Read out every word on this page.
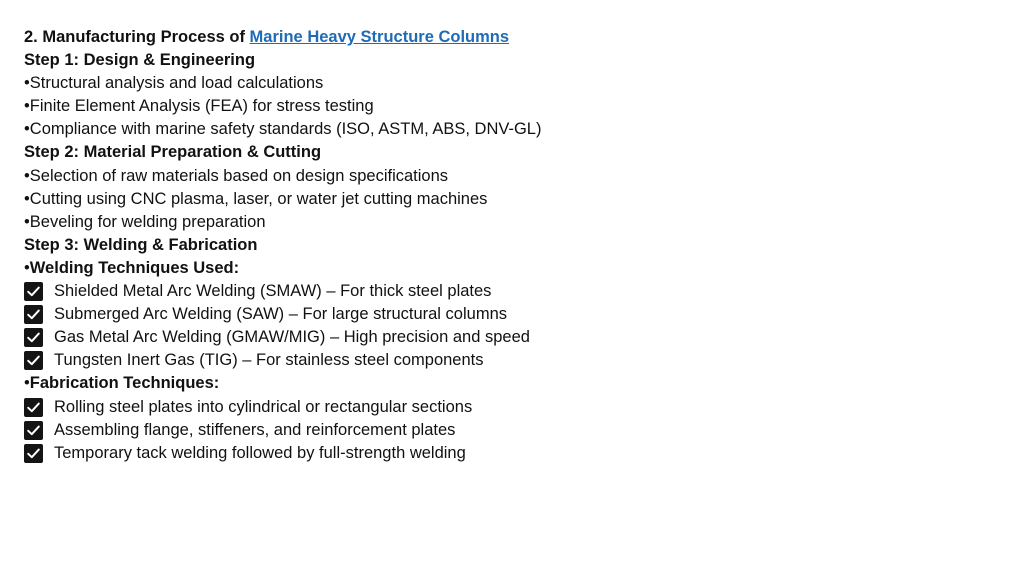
2. Manufacturing Process of Marine Heavy Structure Columns
Step 1: Design & Engineering
•Structural analysis and load calculations
•Finite Element Analysis (FEA) for stress testing
•Compliance with marine safety standards (ISO, ASTM, ABS, DNV-GL)
Step 2: Material Preparation & Cutting
•Selection of raw materials based on design specifications
•Cutting using CNC plasma, laser, or water jet cutting machines
•Beveling for welding preparation
Step 3: Welding & Fabrication
•Welding Techniques Used:
Shielded Metal Arc Welding (SMAW) – For thick steel plates
Submerged Arc Welding (SAW) – For large structural columns
Gas Metal Arc Welding (GMAW/MIG) – High precision and speed
Tungsten Inert Gas (TIG) – For stainless steel components
•Fabrication Techniques:
Rolling steel plates into cylindrical or rectangular sections
Assembling flange, stiffeners, and reinforcement plates
Temporary tack welding followed by full-strength welding
